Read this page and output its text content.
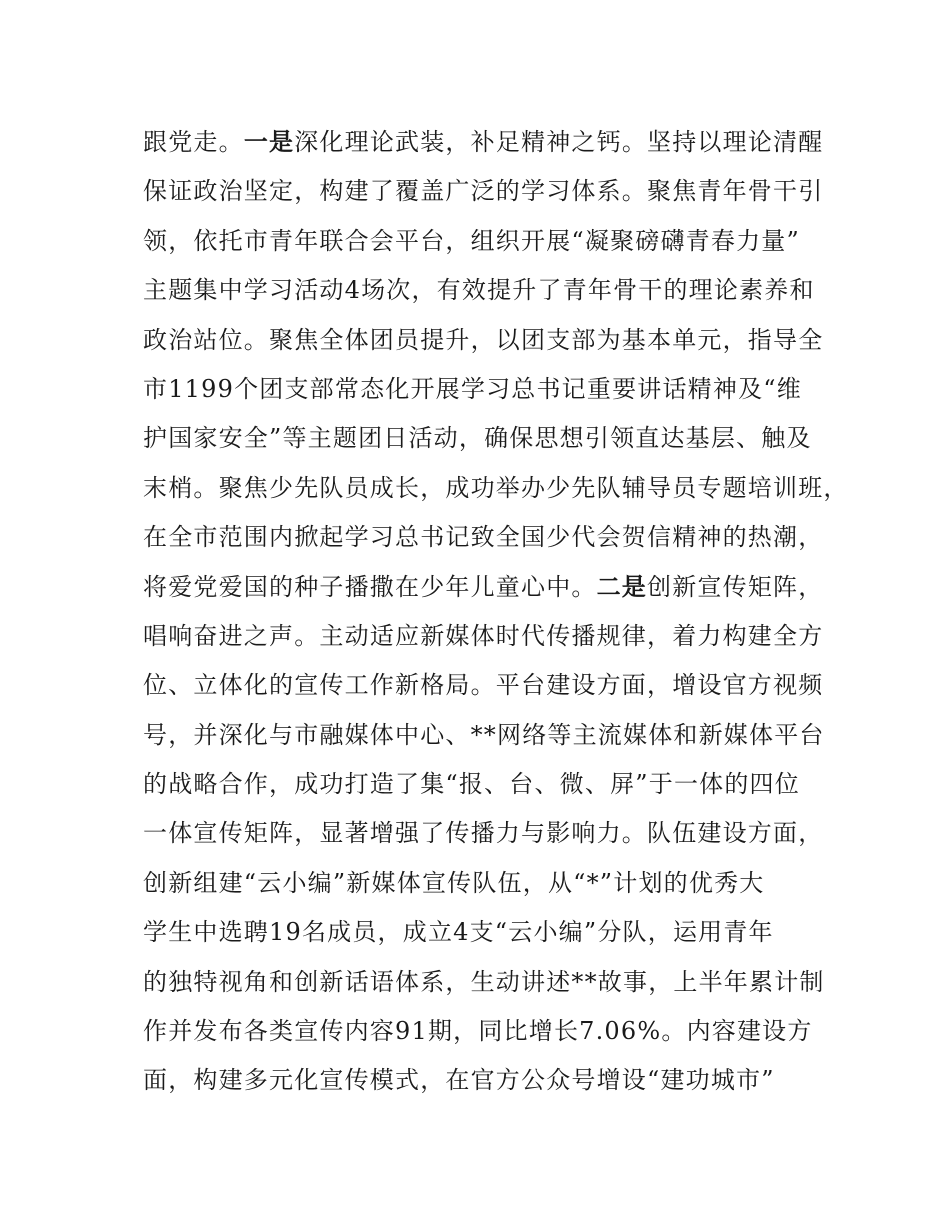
跟党走。一是深化理论武装，补足精神之钙。坚持以理论清醒
保证政治坚定，构建了覆盖广泛的学习体系。聚焦青年骨干引
领，依托市青年联合会平台，组织开展“凝聚磅礴青春力量”
主题集中学习活动4场次，有效提升了青年骨干的理论素养和
政治站位。聚焦全体团员提升，以团支部为基本单元，指导全
市1199个团支部常态化开展学习总书记重要讲话精神及“维
护国家安全”等主题团日活动，确保思想引领直达基层、触及
末梢。聚焦少先队员成长，成功举办少先队辅导员专题培训班，
在全市范围内掀起学习总书记致全国少代会贺信精神的热潮，
将爱党爱国的种子播撒在少年儿童心中。二是创新宣传矩阵，
唱响奋进之声。主动适应新媒体时代传播规律，着力构建全方
位、立体化的宣传工作新格局。平台建设方面，增设官方视频
号，并深化与市融媒体中心、**网络等主流媒体和新媒体平台
的战略合作，成功打造了集“报、台、微、屏”于一体的四位
一体宣传矩阵，显著增强了传播力与影响力。队伍建设方面，
创新组建“云小编”新媒体宣传队伍，从“*”计划的优秀大
学生中选聘19名成员，成立4支“云小编”分队，运用青年
的独特视角和创新话语体系，生动讲述**故事，上半年累计制
作并发布各类宣传内容91期，同比增长7.06%。内容建设方
面，构建多元化宣传模式，在官方公众号增设“建功城市”
